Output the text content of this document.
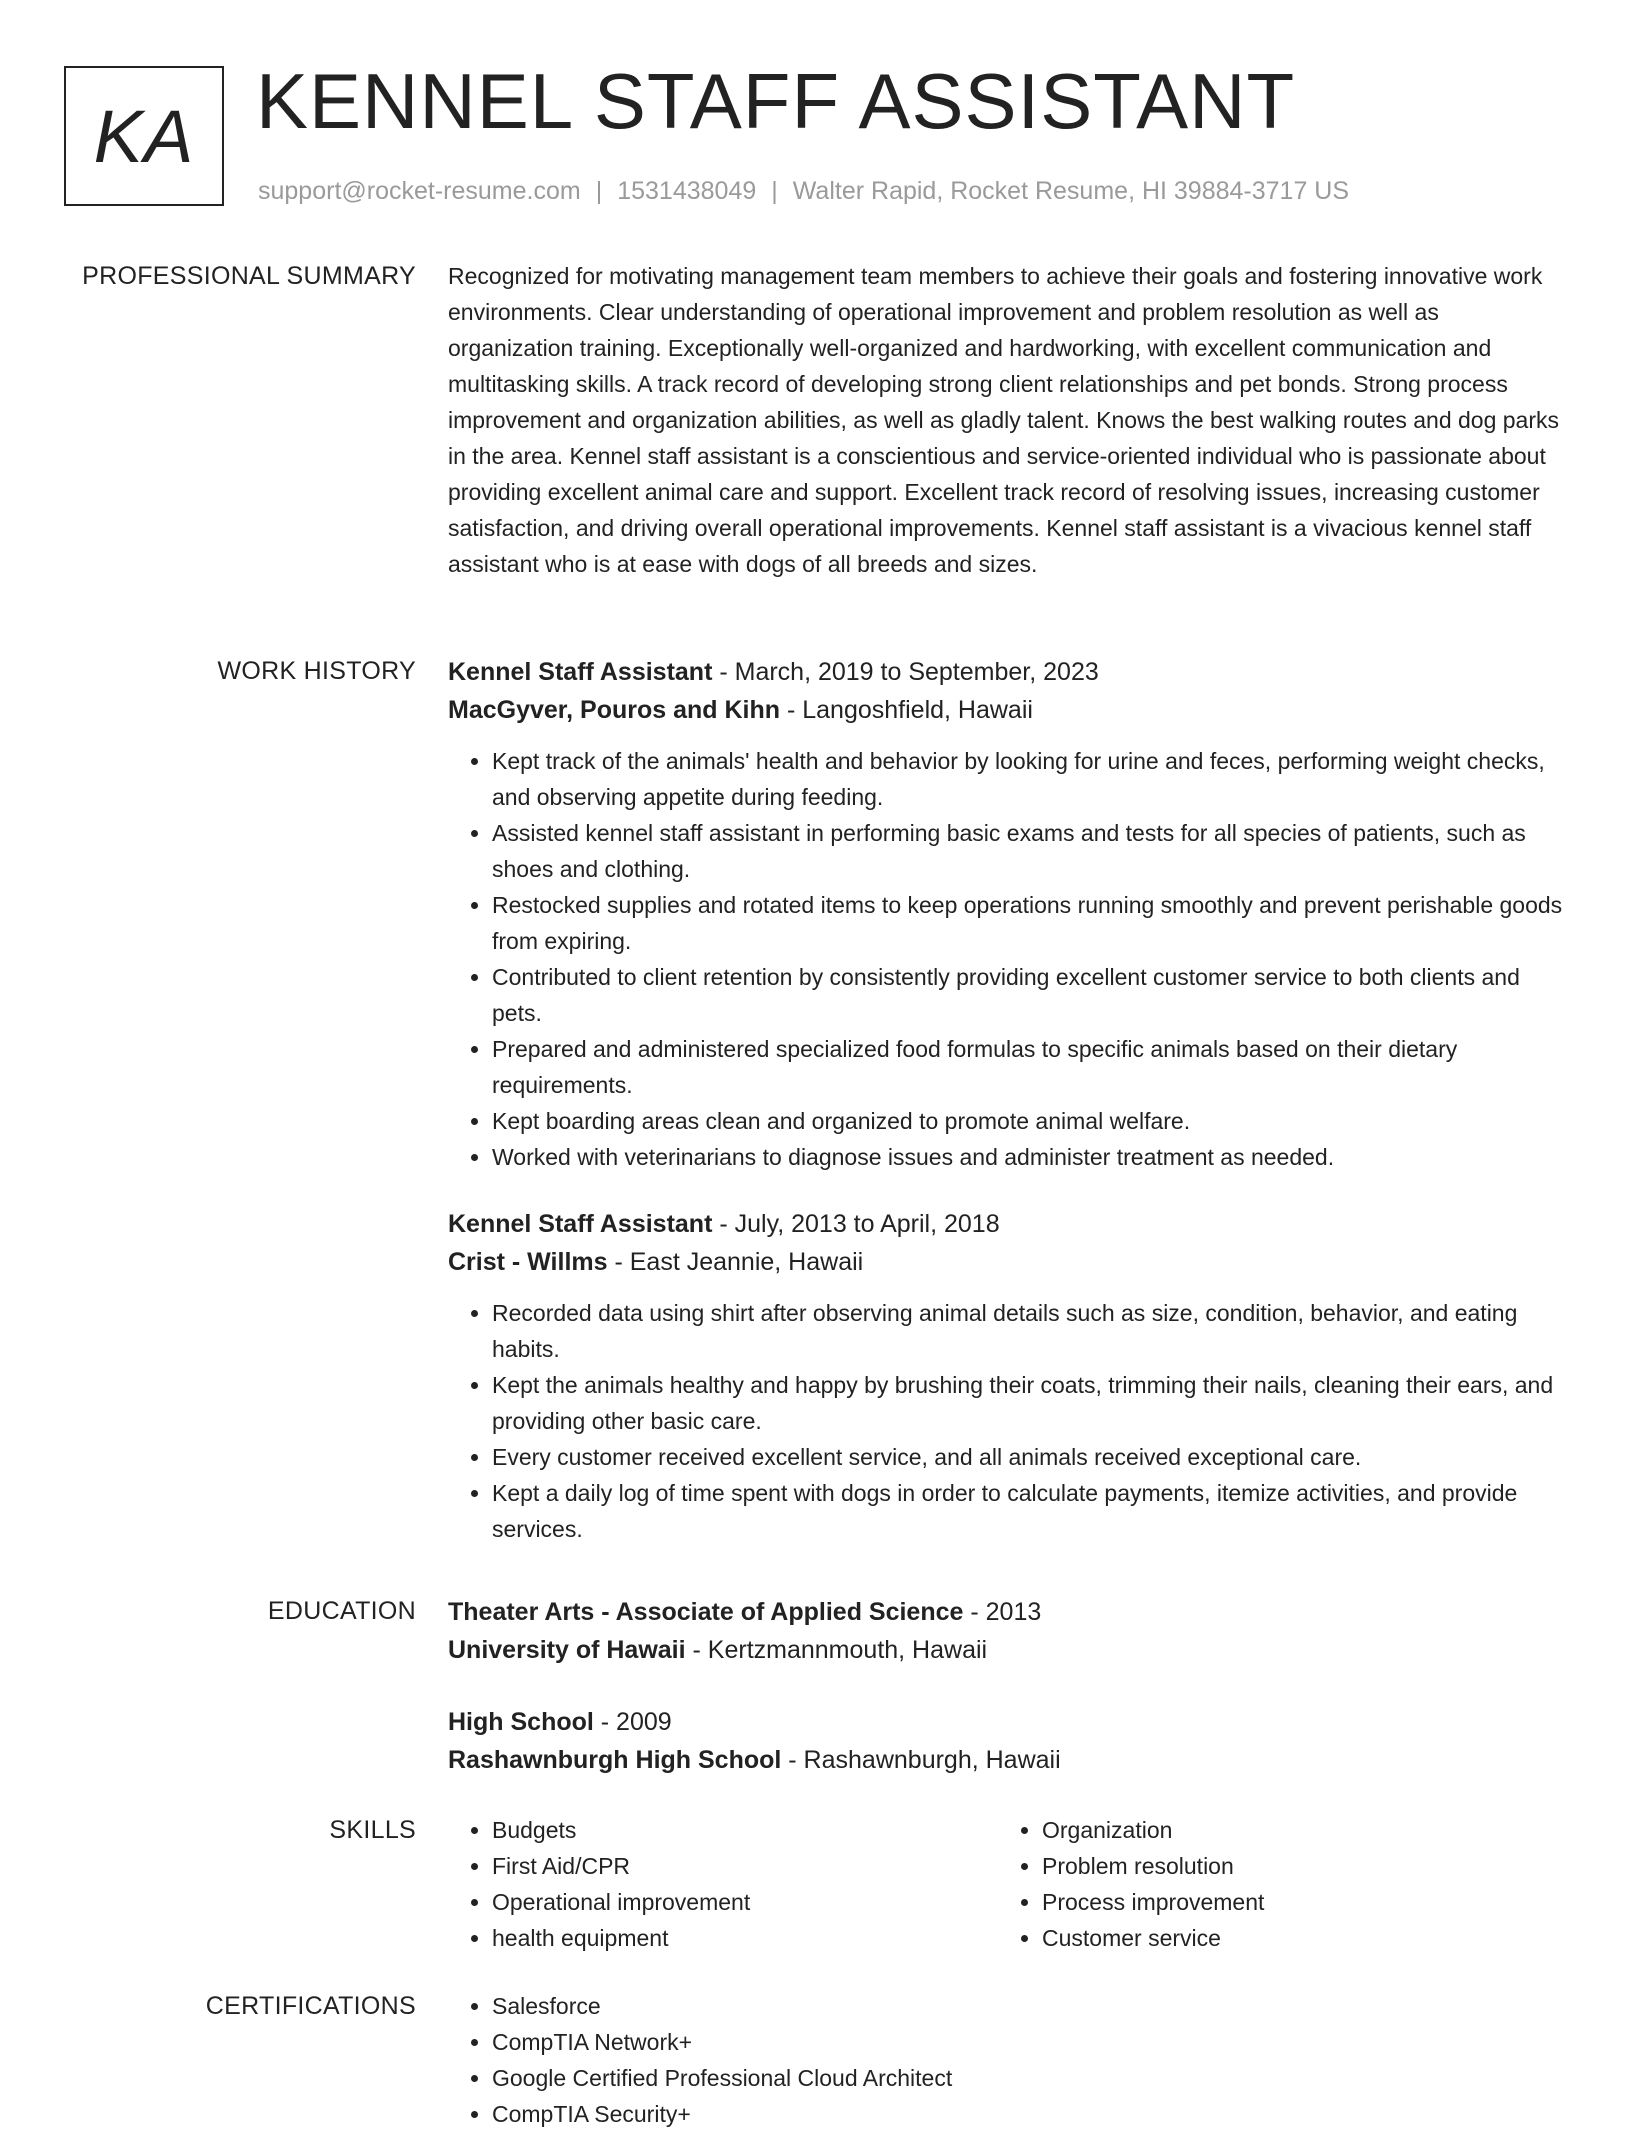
KA KENNEL STAFF ASSISTANT
support@rocket-resume.com | 1531438049 | Walter Rapid, Rocket Resume, HI 39884-3717 US
PROFESSIONAL SUMMARY Recognized for motivating management team members to achieve their goals and fostering innovative work environments. Clear understanding of operational improvement and problem resolution as well as organization training. Exceptionally well-organized and hardworking, with excellent communication and multitasking skills. A track record of developing strong client relationships and pet bonds. Strong process improvement and organization abilities, as well as gladly talent. Knows the best walking routes and dog parks in the area. Kennel staff assistant is a conscientious and service-oriented individual who is passionate about providing excellent animal care and support. Excellent track record of resolving issues, increasing customer satisfaction, and driving overall operational improvements. Kennel staff assistant is a vivacious kennel staff assistant who is at ease with dogs of all breeds and sizes.

WORK HISTORY Kennel Staff Assistant - March, 2019 to September, 2023

MacGyver, Pouros and Kihn - Langoshfield, Hawaii

• Kept track of the animals' health and behavior by looking for urine and feces, performing weight checks, and observing appetite during feeding.
• Assisted kennel staff assistant in performing basic exams and tests for all species of patients, such as shoes and clothing.
• Restocked supplies and rotated items to keep operations running smoothly and prevent perishable goods from expiring.
• Contributed to client retention by consistently providing excellent customer service to both clients and pets.
• Prepared and administered specialized food formulas to specific animals based on their dietary requirements.
• Kept boarding areas clean and organized to promote animal welfare.
• Worked with veterinarians to diagnose issues and administer treatment as needed.

Kennel Staff Assistant - July, 2013 to April, 2018

Crist - Willms - East Jeannie, Hawaii

• Recorded data using shirt after observing animal details such as size, condition, behavior, and eating habits.
• Kept the animals healthy and happy by brushing their coats, trimming their nails, cleaning their ears, and providing other basic care.
• Every customer received excellent service, and all animals received exceptional care.
• Kept a daily log of time spent with dogs in order to calculate payments, itemize activities, and provide services.
EDUCATION Theater Arts - Associate of Applied Science - 2013

University of Hawaii - Kertzmannmouth, Hawaii

High School - 2009

Rashawnburgh High School - Rashawnburgh, Hawaii

SKILLS	• Budgets
• First Aid/CPR
• Operational improvement
• health equipment
• Organization
• Problem resolution
• Process improvement
• Customer service
CERTIFICATIONS	• Salesforce
• CompTIA Network+
• Google Certified Professional Cloud Architect
• CompTIA Security+
